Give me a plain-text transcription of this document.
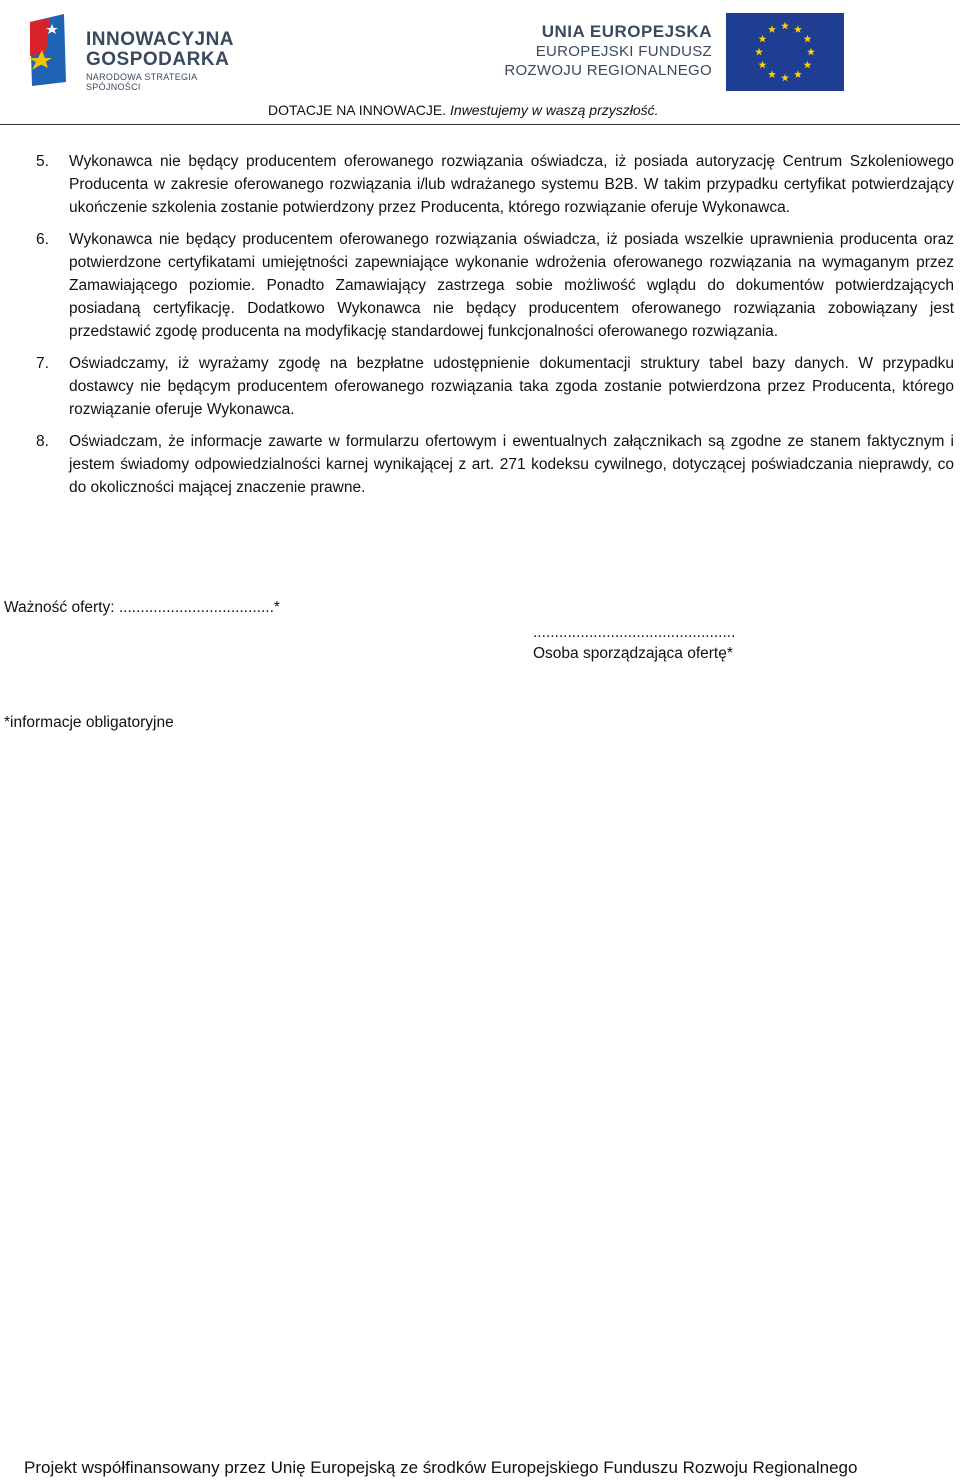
INNOWACYJNA
GOSPODARKA
NARODOWA STRATEGIA SPÓJNOŚCI
UNIA EUROPEJSKA
EUROPEJSKI FUNDUSZ
ROZWOJU REGIONALNEGO
DOTACJE NA INNOWACJE. Inwestujemy w waszą przyszłość.
5.	Wykonawca nie będący producentem oferowanego rozwiązania oświadcza, iż posiada autoryzację Centrum Szkoleniowego Producenta w zakresie oferowanego rozwiązania i/lub wdrażanego systemu B2B. W takim przypadku certyfikat potwierdzający ukończenie szkolenia zostanie potwierdzony przez Producenta, którego rozwiązanie oferuje Wykonawca.
6.	Wykonawca nie będący producentem oferowanego rozwiązania oświadcza, iż posiada wszelkie uprawnienia producenta oraz potwierdzone certyfikatami umiejętności zapewniające wykonanie wdrożenia oferowanego rozwiązania na wymaganym przez Zamawiającego poziomie. Ponadto Zamawiający zastrzega sobie możliwość wglądu do dokumentów potwierdzających posiadaną certyfikację. Dodatkowo Wykonawca nie będący producentem oferowanego rozwiązania zobowiązany jest przedstawić zgodę producenta na modyfikację standardowej funkcjonalności oferowanego rozwiązania.
7.	Oświadczamy, iż wyrażamy zgodę na bezpłatne udostępnienie dokumentacji struktury tabel bazy danych. W przypadku dostawcy nie będącym producentem oferowanego rozwiązania taka zgoda zostanie potwierdzona przez Producenta, którego rozwiązanie oferuje Wykonawca.
8.	Oświadczam, że informacje zawarte w formularzu ofertowym i ewentualnych załącznikach są zgodne ze stanem faktycznym i jestem świadomy odpowiedzialności karnej wynikającej z art. 271 kodeksu cywilnego, dotyczącej poświadczania nieprawdy, co do okoliczności mającej znaczenie prawne.
Ważność oferty: ....................................*
...............................................
Osoba sporządzająca ofertę*
*informacje obligatoryjne
Projekt współfinansowany przez Unię Europejską ze środków Europejskiego Funduszu Rozwoju Regionalnego
